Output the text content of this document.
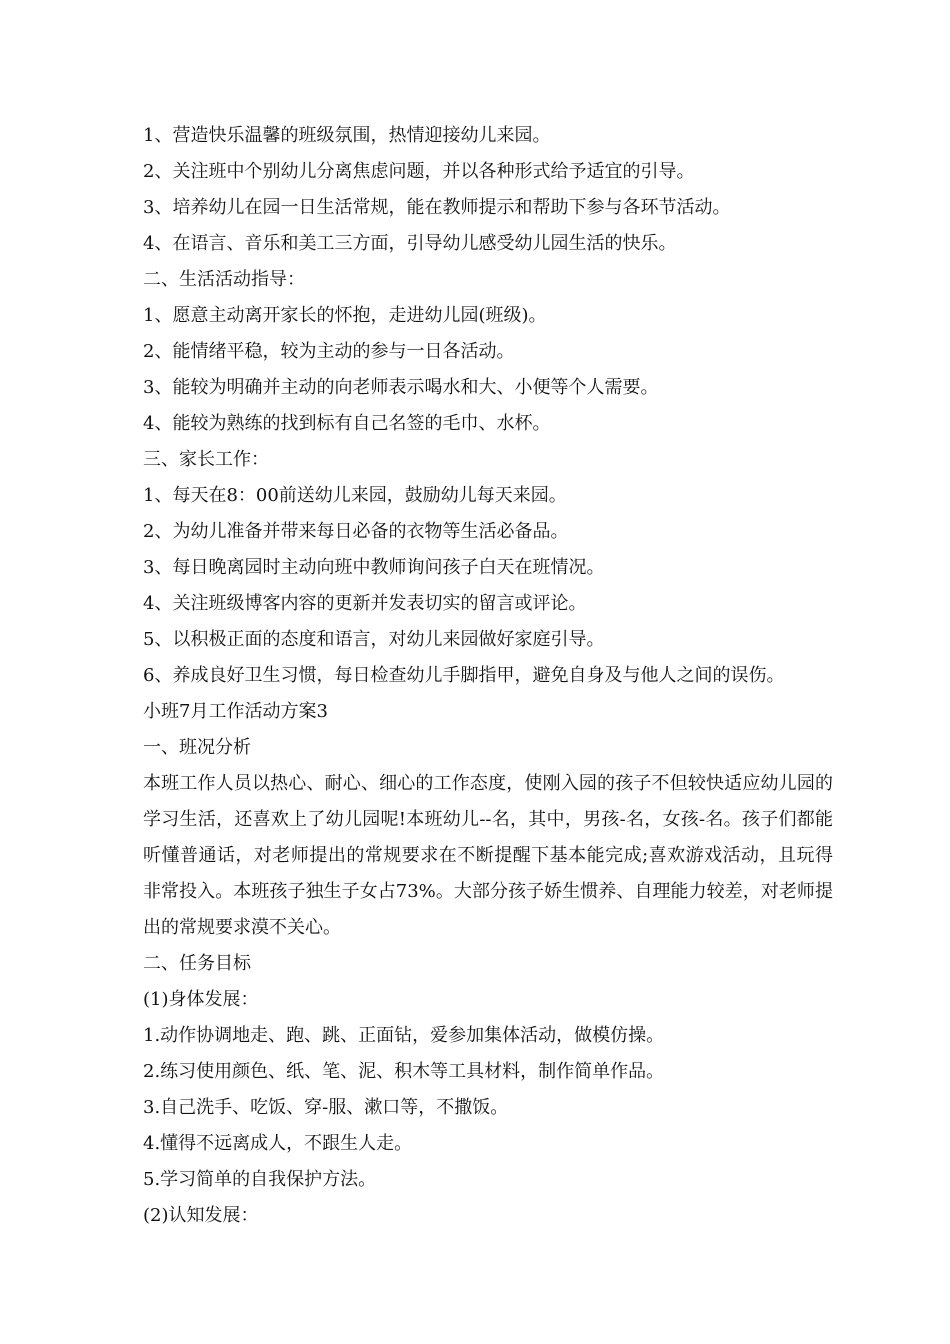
1、营造快乐温馨的班级氛围，热情迎接幼儿来园。

2、关注班中个别幼儿分离焦虑问题，并以各种形式给予适宜的引导。

3、培养幼儿在园一日生活常规，能在教师提示和帮助下参与各环节活动。

4、在语言、音乐和美工三方面，引导幼儿感受幼儿园生活的快乐。

二、生活活动指导：

1、愿意主动离开家长的怀抱，走进幼儿园(班级)。

2、能情绪平稳，较为主动的参与一日各活动。

3、能较为明确并主动的向老师表示喝水和大、小便等个人需要。

4、能较为熟练的找到标有自己名签的毛巾、水杯。

三、家长工作：

1、每天在8：00前送幼儿来园，鼓励幼儿每天来园。

2、为幼儿准备并带来每日必备的衣物等生活必备品。

3、每日晚离园时主动向班中教师询问孩子白天在班情况。

4、关注班级博客内容的更新并发表切实的留言或评论。

5、以积极正面的态度和语言，对幼儿来园做好家庭引导。

6、养成良好卫生习惯，每日检查幼儿手脚指甲，避免自身及与他人之间的误伤。

小班7月工作活动方案3

一、班况分析

本班工作人员以热心、耐心、细心的工作态度，使刚入园的孩子不但较快适应幼儿园的学习生活，还喜欢上了幼儿园呢!本班幼儿--名，其中，男孩-名，女孩-名。孩子们都能听懂普通话，对老师提出的常规要求在不断提醒下基本能完成;喜欢游戏活动，且玩得非常投入。本班孩子独生子女占73%。大部分孩子娇生惯养、自理能力较差，对老师提出的常规要求漠不关心。

二、任务目标

(1)身体发展：

1.动作协调地走、跑、跳、正面钻，爱参加集体活动，做模仿操。

2.练习使用颜色、纸、笔、泥、积木等工具材料，制作简单作品。

3.自己洗手、吃饭、穿-服、漱口等，不撒饭。

4.懂得不远离成人，不跟生人走。

5.学习简单的自我保护方法。

(2)认知发展：
